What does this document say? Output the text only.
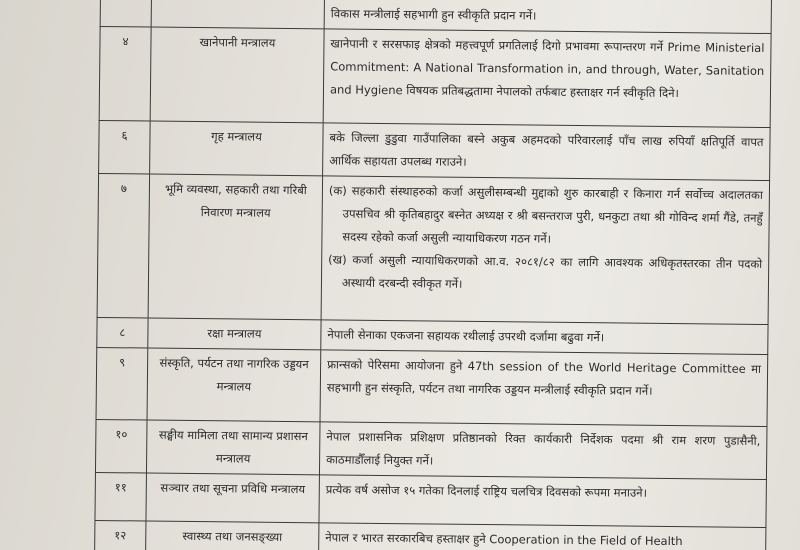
		विकास मन्त्रीलाई सहभागी हुन स्वीकृति प्रदान गर्ने।
४	खानेपानी मन्त्रालय	खानेपानी र सरसफाइ क्षेत्रको महत्त्वपूर्ण प्रगतिलाई दिगो प्रभावमा रूपान्तरण गर्ने Prime Ministerial Commitment: A National Transformation in, and through, Water, Sanitation and Hygiene विषयक प्रतिबद्धतामा नेपालको तर्फबाट हस्ताक्षर गर्न स्वीकृति दिने।
६	गृह मन्त्रालय	बके जिल्ला डुडुवा गाउँपालिका बस्ने अकुब अहमदको परिवारलाई पाँच लाख रुपियाँ क्षतिपूर्ति वापत आर्थिक सहायता उपलब्ध गराउने।
७	भूमि व्यवस्था, सहकारी तथा गरिबी निवारण मन्त्रालय	(क) सहकारी संस्थाहरुको कर्जा असुलीसम्बन्धी मुद्दाको शुरु कारबाही र किनारा गर्न सर्वोच्च अदालतका उपसचिव श्री कृतिबहादुर बस्नेत अध्यक्ष र श्री बसन्तराज पुरी, धनकुटा तथा श्री गोविन्द शर्मा गैंडे, तनहुँ सदस्य रहेको कर्जा असुली न्यायाधिकरण गठन गर्ने।
(ख) कर्जा असुली न्यायाधिकरणको आ.व. २०८१/८२ का लागि आवश्यक अधिकृतस्तरका तीन पदको अस्थायी दरबन्दी स्वीकृत गर्ने।

८	रक्षा मन्त्रालय	नेपाली सेनाका एकजना सहायक रथीलाई उपरथी दर्जामा बढुवा गर्ने।
९	संस्कृति, पर्यटन तथा नागरिक उड्डयन मन्त्रालय	फ्रान्सको पेरिसमा आयोजना हुने 47th session of the World Heritage Committee मा सहभागी हुन संस्कृति, पर्यटन तथा नागरिक उड्डयन मन्त्रीलाई स्वीकृति प्रदान गर्ने।
१०	सङ्घीय मामिला तथा सामान्य प्रशासन मन्त्रालय	नेपाल प्रशासनिक प्रशिक्षण प्रतिष्ठानको रिक्त कार्यकारी निर्देशक पदमा श्री राम शरण पुडासैनी, काठमाडौँलाई नियुक्त गर्ने।
११	सञ्चार तथा सूचना प्रविधि मन्त्रालय	प्रत्येक वर्ष असोज १५ गतेका दिनलाई राष्ट्रिय चलचित्र दिवसको रूपमा मनाउने।
१२	स्वास्थ्य तथा जनसङ्ख्या	नेपाल र भारत सरकारबिच हस्ताक्षर हुने Cooperation in the Field of Health
